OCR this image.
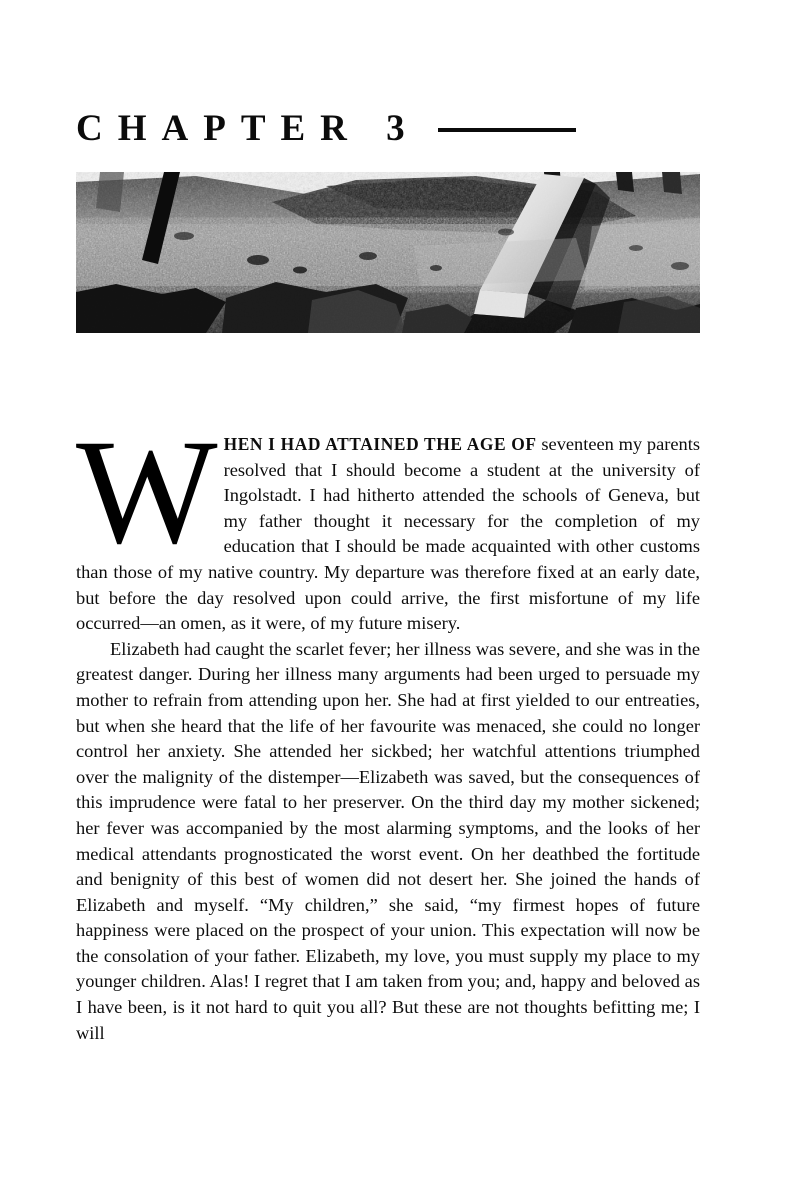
CHAPTER 3

WHEN I HAD ATTAINED THE AGE OF seventeen my parents resolved that I should become a student at the university of Ingolstadt. I had hitherto attended the schools of Geneva, but my father thought it necessary for the completion of my education that I should be made acquainted with other customs than those of my native country. My departure was therefore fixed at an early date, but before the day resolved upon could arrive, the first misfortune of my life occurred—an omen, as it were, of my future misery.

Elizabeth had caught the scarlet fever; her illness was severe, and she was in the greatest danger. During her illness many arguments had been urged to persuade my mother to refrain from attending upon her. She had at first yielded to our entreaties, but when she heard that the life of her favourite was menaced, she could no longer control her anxiety. She attended her sickbed; her watchful attentions triumphed over the malignity of the distemper—Elizabeth was saved, but the consequences of this imprudence were fatal to her preserver. On the third day my mother sickened; her fever was accompanied by the most alarming symptoms, and the looks of her medical attendants prognosticated the worst event. On her deathbed the fortitude and benignity of this best of women did not desert her. She joined the hands of Elizabeth and myself. “My children,” she said, “my firmest hopes of future happiness were placed on the prospect of your union. This expectation will now be the consolation of your father. Elizabeth, my love, you must supply my place to my younger children. Alas! I regret that I am taken from you; and, happy and beloved as I have been, is it not hard to quit you all? But these are not thoughts befitting me; I will
